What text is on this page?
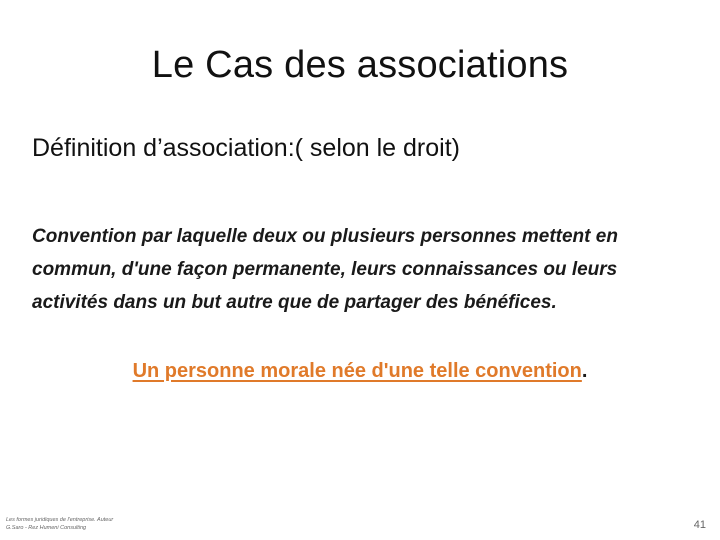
Le Cas des associations
Définition d’association:( selon le droit)
Convention par laquelle deux ou plusieurs personnes mettent en commun, d'une façon permanente, leurs connaissances ou leurs activités dans un but autre que de partager des bénéfices.
Un personne morale née d'une telle convention.
Les formes juridiques de l'entreprise. Auteur
G.Saro - Rez Humeni Consulting	41
